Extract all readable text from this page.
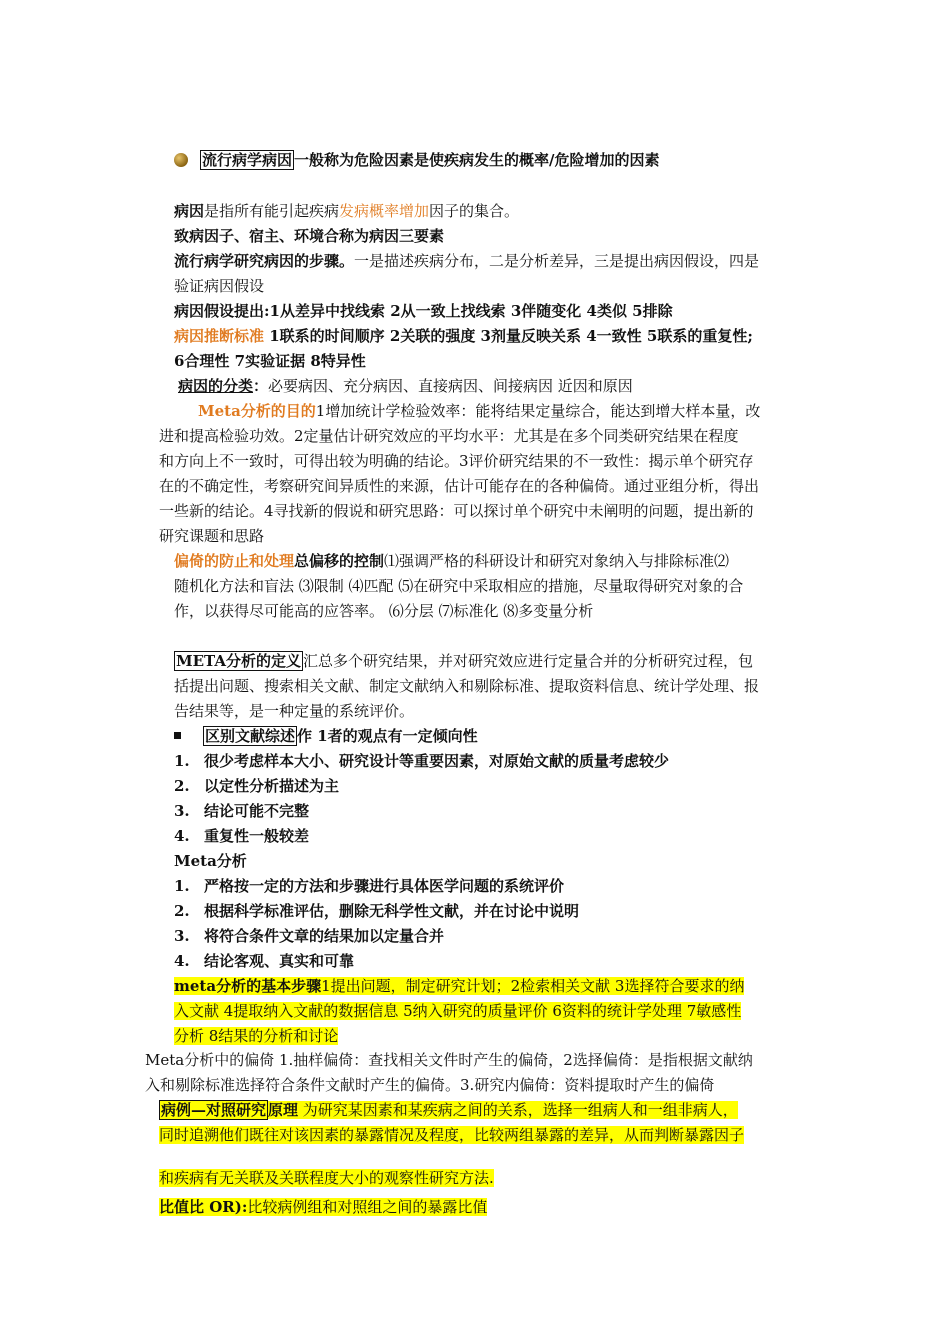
流行病学病因 一般称为危险因素是使疾病发生的概率/危险增加的因素
病因是指所有能引起疾病发病概率增加因子的集合。
致病因子、宿主、环境合称为病因三要素
流行病学研究病因的步骤。一是描述疾病分布，二是分析差异，三是提出病因假设，四是
验证病因假设
病因假设提出:1从差异中找线索 2从一致上找线索 3伴随变化 4类似 5排除
病因推断标准 1联系的时间顺序 2关联的强度 3剂量反映关系 4一致性 5联系的重复性;
6合理性 7实验证据 8特异性
病因的分类：必要病因、充分病因、直接病因、间接病因 近因和原因
Meta分析的目的1增加统计学检验效率：能将结果定量综合，能达到增大样本量，改
进和提高检验功效。2定量估计研究效应的平均水平：尤其是在多个同类研究结果在程度
和方向上不一致时，可得出较为明确的结论。3评价研究结果的不一致性：揭示单个研究存
在的不确定性，考察研究间异质性的来源，估计可能存在的各种偏倚。通过亚组分析，得出
一些新的结论。4寻找新的假说和研究思路：可以探讨单个研究中未阐明的问题，提出新的
研究课题和思路
偏倚的防止和处理总偏移的控制⑴强调严格的科研设计和研究对象纳入与排除标准⑵
随机化方法和盲法 ⑶限制 ⑷匹配 ⑸在研究中采取相应的措施，尽量取得研究对象的合
作，以获得尽可能高的应答率。 ⑹分层 ⑺标准化 ⑻多变量分析
META分析的定义 汇总多个研究结果，并对研究效应进行定量合并的分析研究过程，包
括提出问题、搜索相关文献、制定文献纳入和剔除标准、提取资料信息、统计学处理、报
告结果等，是一种定量的系统评价。
区别文献综述 作 1者的观点有一定倾向性
1. 很少考虑样本大小、研究设计等重要因素，对原始文献的质量考虑较少
2. 以定性分析描述为主
3. 结论可能不完整
4. 重复性一般较差
Meta分析
1. 严格按一定的方法和步骤进行具体医学问题的系统评价
2. 根据科学标准评估，删除无科学性文献，并在讨论中说明
3. 将符合条件文章的结果加以定量合并
4. 结论客观、真实和可靠
meta分析的基本步骤1提出问题，制定研究计划；2检索相关文献 3选择符合要求的纳
入文献 4提取纳入文献的数据信息 5纳入研究的质量评价 6资料的统计学处理 7敏感性
分析 8结果的分析和讨论
Meta分析中的偏倚 1.抽样偏倚：查找相关文件时产生的偏倚，2选择偏倚：是指根据文献纳
入和剔除标准选择符合条件文献时产生的偏倚。3.研究内偏倚：资料提取时产生的偏倚
病例—对照研究 原理 为研究某因素和某疾病之间的关系，选择一组病人和一组非病人，
同时追溯他们既往对该因素的暴露情况及程度，比较两组暴露的差异，从而判断暴露因子
和疾病有无关联及关联程度大小的观察性研究方法.
比值比 OR):比较病例组和对照组之间的暴露比值
